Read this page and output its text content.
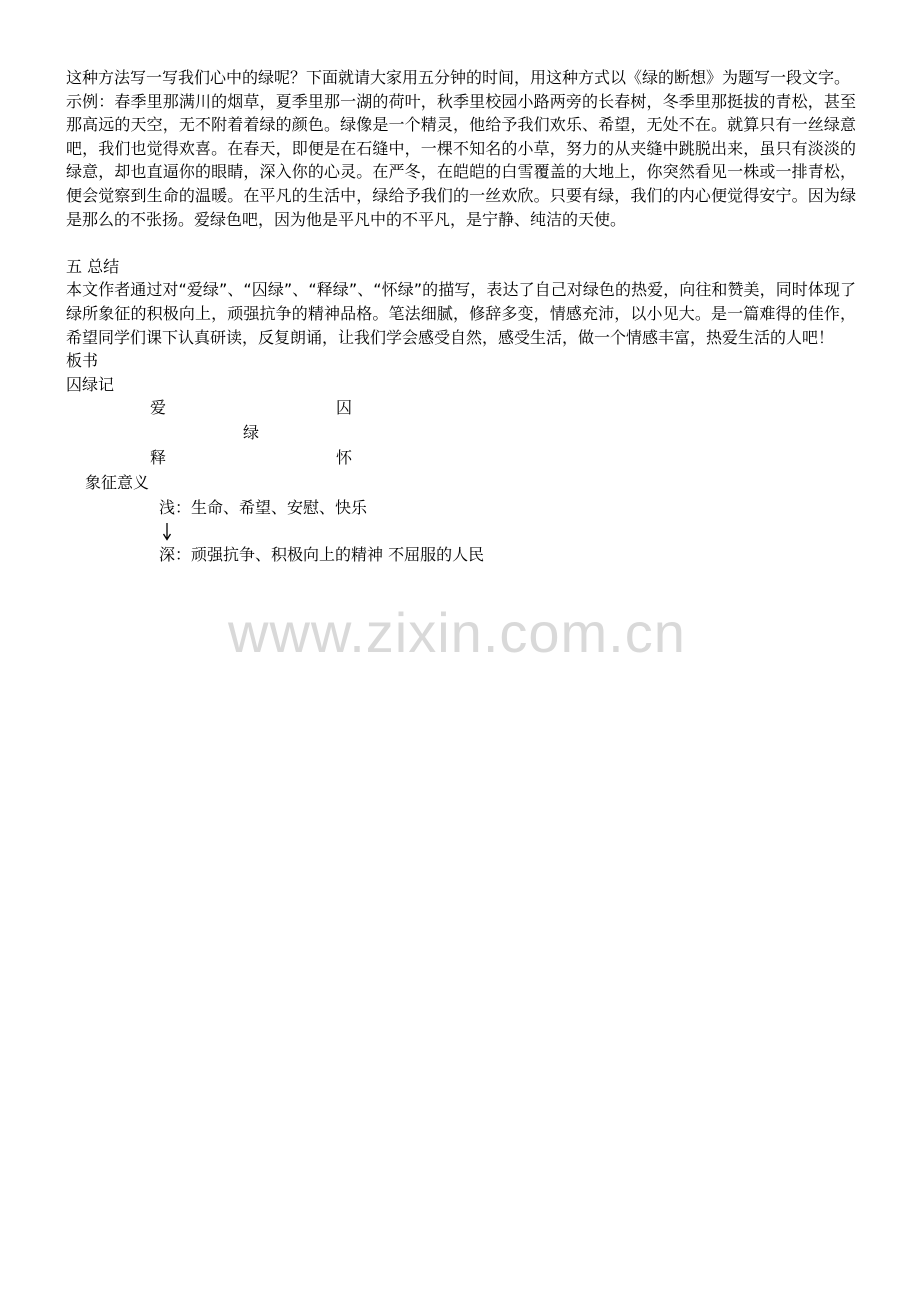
这种方法写一写我们心中的绿呢？下面就请大家用五分钟的时间，用这种方式以《绿的断想》为题写一段文字。

示例：春季里那满川的烟草，夏季里那一湖的荷叶，秋季里校园小路两旁的长春树，冬季里那挺拔的青松，甚至那高远的天空，无不附着着绿的颜色。绿像是一个精灵，他给予我们欢乐、希望，无处不在。就算只有一丝绿意吧，我们也觉得欢喜。在春天，即便是在石缝中，一棵不知名的小草，努力的从夹缝中跳脱出来，虽只有淡淡的绿意，却也直逼你的眼睛，深入你的心灵。在严冬，在皑皑的白雪覆盖的大地上，你突然看见一株或一排青松，便会觉察到生命的温暖。在平凡的生活中，绿给予我们的一丝欢欣。只要有绿，我们的内心便觉得安宁。因为绿是那么的不张扬。爱绿色吧，因为他是平凡中的不平凡，是宁静、纯洁的天使。

五 总结

本文作者通过对“爱绿”、“囚绿”、“释绿”、“怀绿”的描写，表达了自己对绿色的热爱，向往和赞美，同时体现了绿所象征的积极向上，顽强抗争的精神品格。笔法细腻，修辞多变，情感充沛，以小见大。是一篇难得的佳作，希望同学们课下认真研读，反复朗诵，让我们学会感受自然，感受生活，做一个情感丰富，热爱生活的人吧！

板书

囚绿记

爱	囚
绿
释	怀
象征意义
浅：生命、希望、安慰、快乐
深：顽强抗争、积极向上的精神 不屈服的人民
www.zixin.com.cn
